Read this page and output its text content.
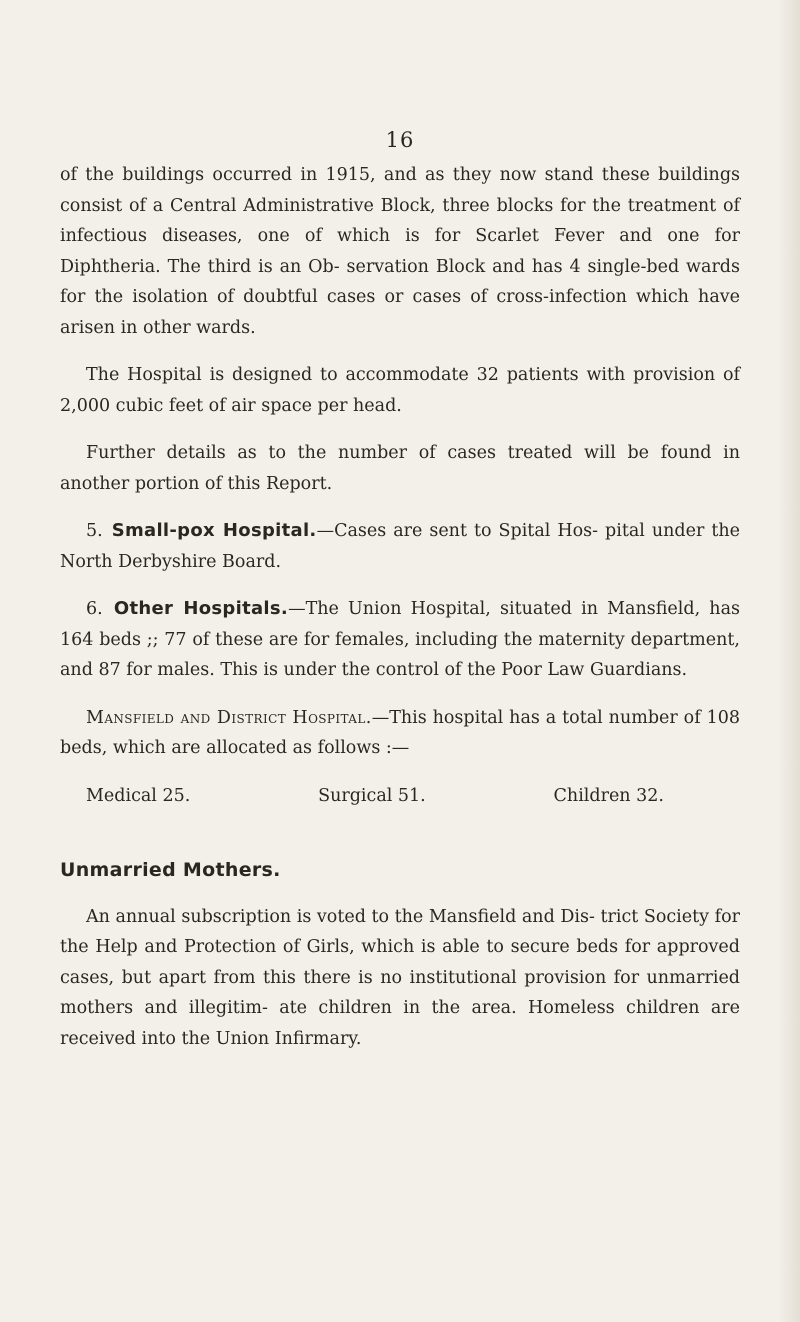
16

of the buildings occurred in 1915, and as they now stand these buildings consist of a Central Administrative Block, three blocks for the treatment of infectious diseases, one of which is for Scarlet Fever and one for Diphtheria. The third is an Ob- servation Block and has 4 single-bed wards for the isolation of doubtful cases or cases of cross-infection which have arisen in other wards.

The Hospital is designed to accommodate 32 patients with provision of 2,000 cubic feet of air space per head.

Further details as to the number of cases treated will be found in another portion of this Report.

5. Small-pox Hospital.—Cases are sent to Spital Hos- pital under the North Derbyshire Board.

6. Other Hospitals.—The Union Hospital, situated in Mansfield, has 164 beds ;; 77 of these are for females, including the maternity department, and 87 for males. This is under the control of the Poor Law Guardians.

Mansfield and District Hospital.—This hospital has a total number of 108 beds, which are allocated as follows :—

Medical 25.	Surgical 51.	Children 32.
Unmarried Mothers.

An annual subscription is voted to the Mansfield and Dis- trict Society for the Help and Protection of Girls, which is able to secure beds for approved cases, but apart from this there is no institutional provision for unmarried mothers and illegitim- ate children in the area. Homeless children are received into the Union Infirmary.
